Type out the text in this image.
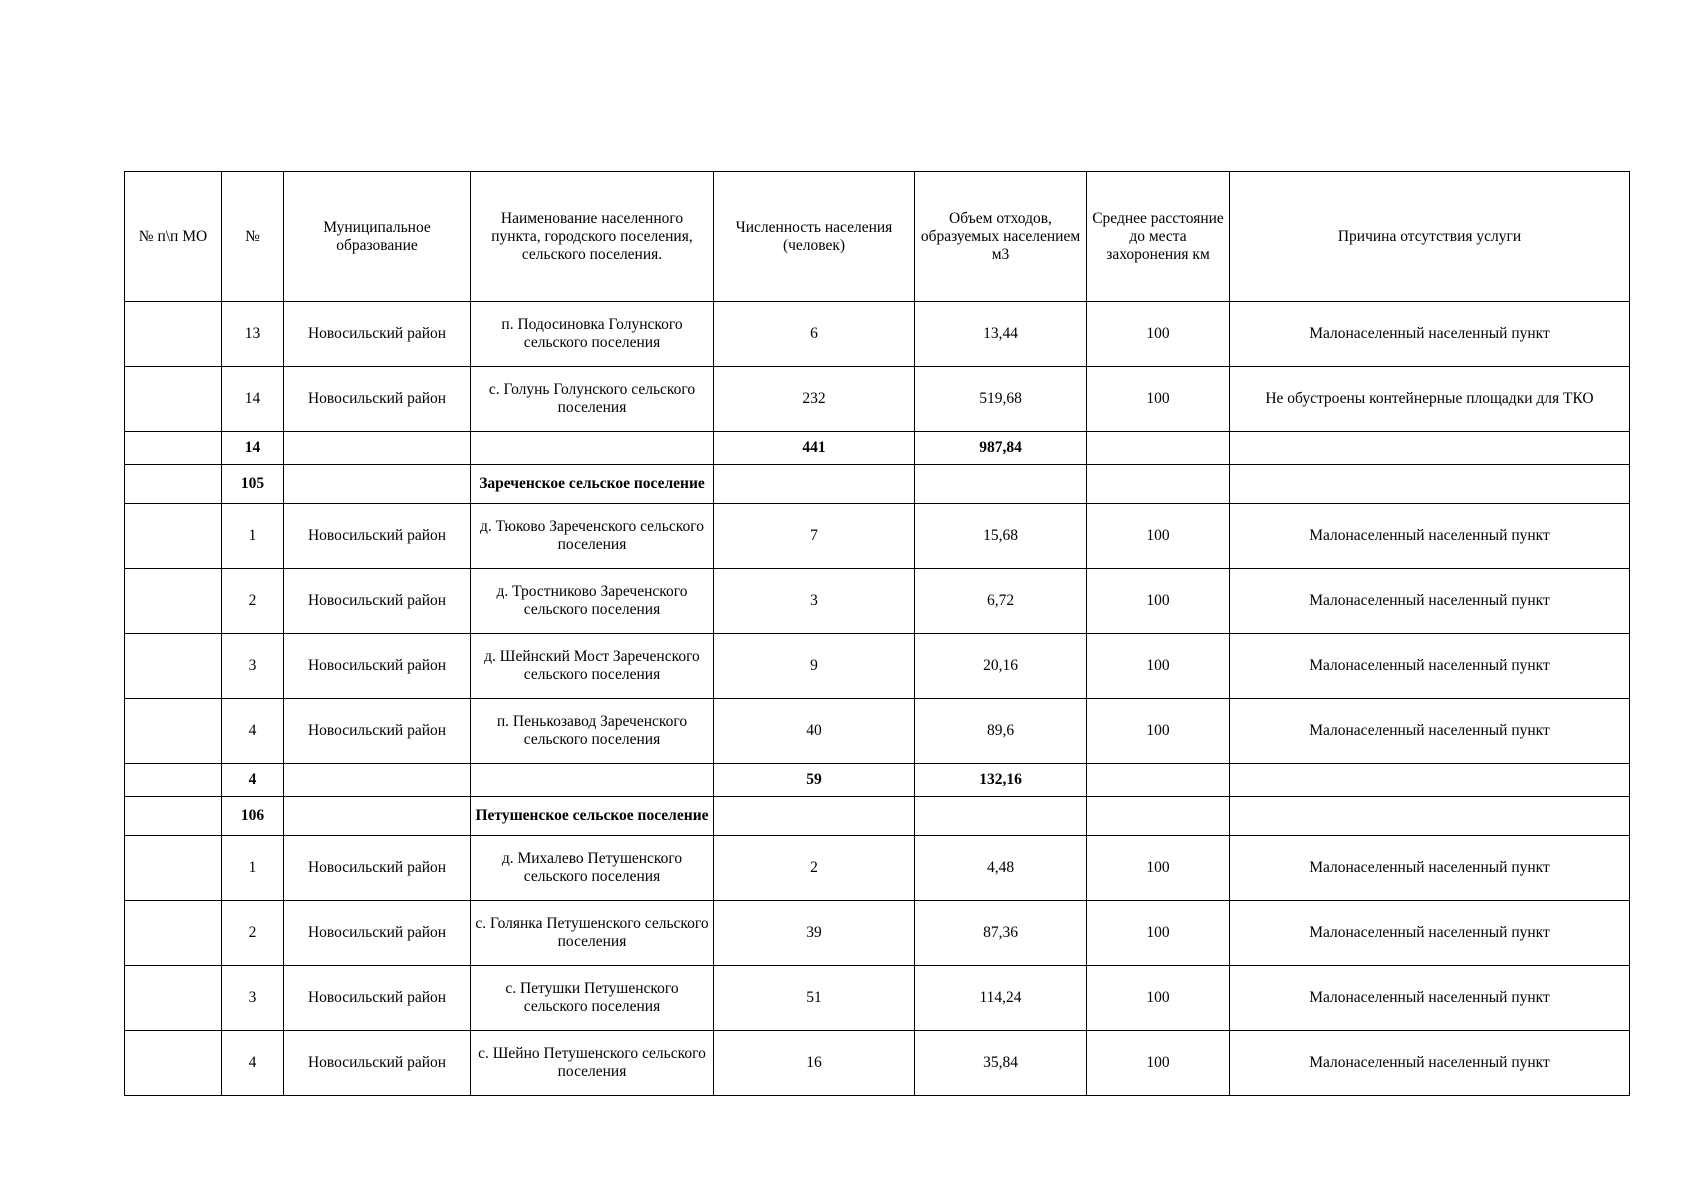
№ п\п МО	№	Муниципальное образование	Наименование населенного пункта, городского поселения, сельского поселения.	Численность населения (человек)	Объем отходов, образуемых населением м3	Среднее расстояние до места захоронения км	Причина отсутствия услуги
	13	Новосильский район	п. Подосиновка Голунского сельского поселения	6	13,44	100	Малонаселенный населенный пункт
	14	Новосильский район	с. Голунь Голунского сельского поселения	232	519,68	100	Не обустроены контейнерные площадки для ТКО
	14			441	987,84		
	105		Зареченское сельское поселение				
	1	Новосильский район	д. Тюково Зареченского сельского поселения	7	15,68	100	Малонаселенный населенный пункт
	2	Новосильский район	д. Тростниково Зареченского сельского поселения	3	6,72	100	Малонаселенный населенный пункт
	3	Новосильский район	д. Шейнский Мост Зареченского сельского поселения	9	20,16	100	Малонаселенный населенный пункт
	4	Новосильский район	п. Пенькозавод Зареченского сельского поселения	40	89,6	100	Малонаселенный населенный пункт
	4			59	132,16		
	106		Петушенское сельское поселение				
	1	Новосильский район	д. Михалево Петушенского сельского поселения	2	4,48	100	Малонаселенный населенный пункт
	2	Новосильский район	с. Голянка Петушенского сельского поселения	39	87,36	100	Малонаселенный населенный пункт
	3	Новосильский район	с. Петушки Петушенского сельского поселения	51	114,24	100	Малонаселенный населенный пункт
	4	Новосильский район	с. Шейно Петушенского сельского поселения	16	35,84	100	Малонаселенный населенный пункт
